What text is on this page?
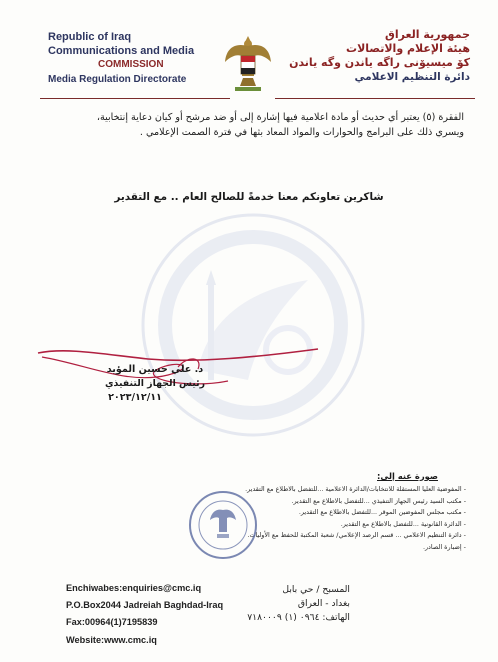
Republic of Iraq
Communications and Media
COMMISSION
Media Regulation Directorate
جمهورية العراق
هيئة الإعلام والاتصالات
كۆ میسیۆنی راگه یاندن وگه یاندن
دائرة التنظيم الاعلامي
الفقرة (٥) يعتبر أي حديث أو مادة اعلامية فيها إشارة إلى أو ضد مرشح أو كيان دعاية إنتخابية،
ويسري ذلك على البرامج والحوارات والمواد المعاد بثها في فترة الصمت الإعلامي .
شاكرين تعاونكم معنا خدمةً للصالح العام .. مع التقدير
د. علي حسين المؤيد
رئيس الجهاز التنفيذي
٢٠٢٣/١٢/١١
صورة عنه إلى:
- المفوضية العليا المستقلة للانتخابات/الدائرة الاعلامية ...للتفضل بالاطلاع مع التقدير.
- مكتب السيد رئيس الجهاز التنفيذي ...للتفضل بالاطلاع مع التقدير.
- مكتب مجلس المفوضين الموقر ...للتفضل بالاطلاع مع التقدير.
- الدائرة القانونية ...للتفضل بالاطلاع مع التقدير.
- دائرة التنظيم الاعلامي ... قسم الرصد الإعلامي/ شعبة المكتبة للحفظ مع الأوليات.
- إضبارة الصادر.
Enchiwabes:enquiries@cmc.iq
P.O.Box2044 Jadreiah Baghdad-Iraq
Fax:00964(1)7195839
Website:www.cmc.iq
المسبح / حي بابل
بغداد - العراق
الهاتف: ٠٩٦٤ (١) ٧١٨٠٠٠٩
